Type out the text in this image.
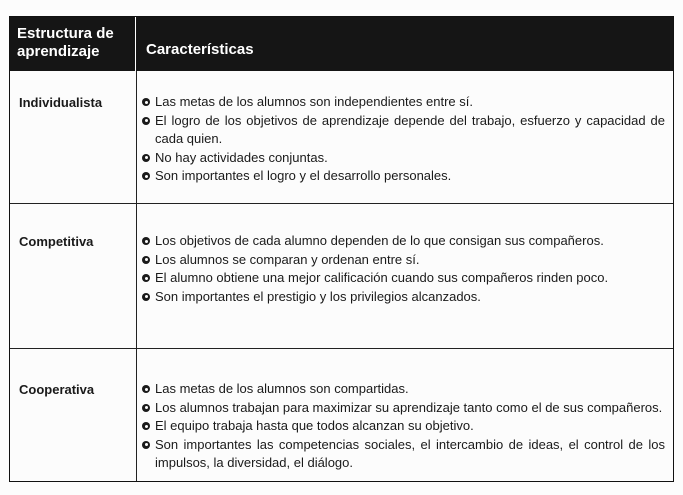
Estructura de
aprendizaje	Características
Individualista	Las metas de los alumnos son independientes entre sí.
El logro de los objetivos de aprendizaje depende del trabajo, esfuerzo y capacidad de cada quien.
No hay actividades conjuntas.
Son importantes el logro y el desarrollo personales.
Competitiva	Los objetivos de cada alumno dependen de lo que consigan sus compañeros.
Los alumnos se comparan y ordenan entre sí.
El alumno obtiene una mejor calificación cuando sus compañeros rinden poco.
Son importantes el prestigio y los privilegios alcanzados.
Cooperativa	Las metas de los alumnos son compartidas.
Los alumnos trabajan para maximizar su aprendizaje tanto como el de sus compañeros.
El equipo trabaja hasta que todos alcanzan su objetivo.
Son importantes las competencias sociales, el intercambio de ideas, el control de los impulsos, la diversidad, el diálogo.
